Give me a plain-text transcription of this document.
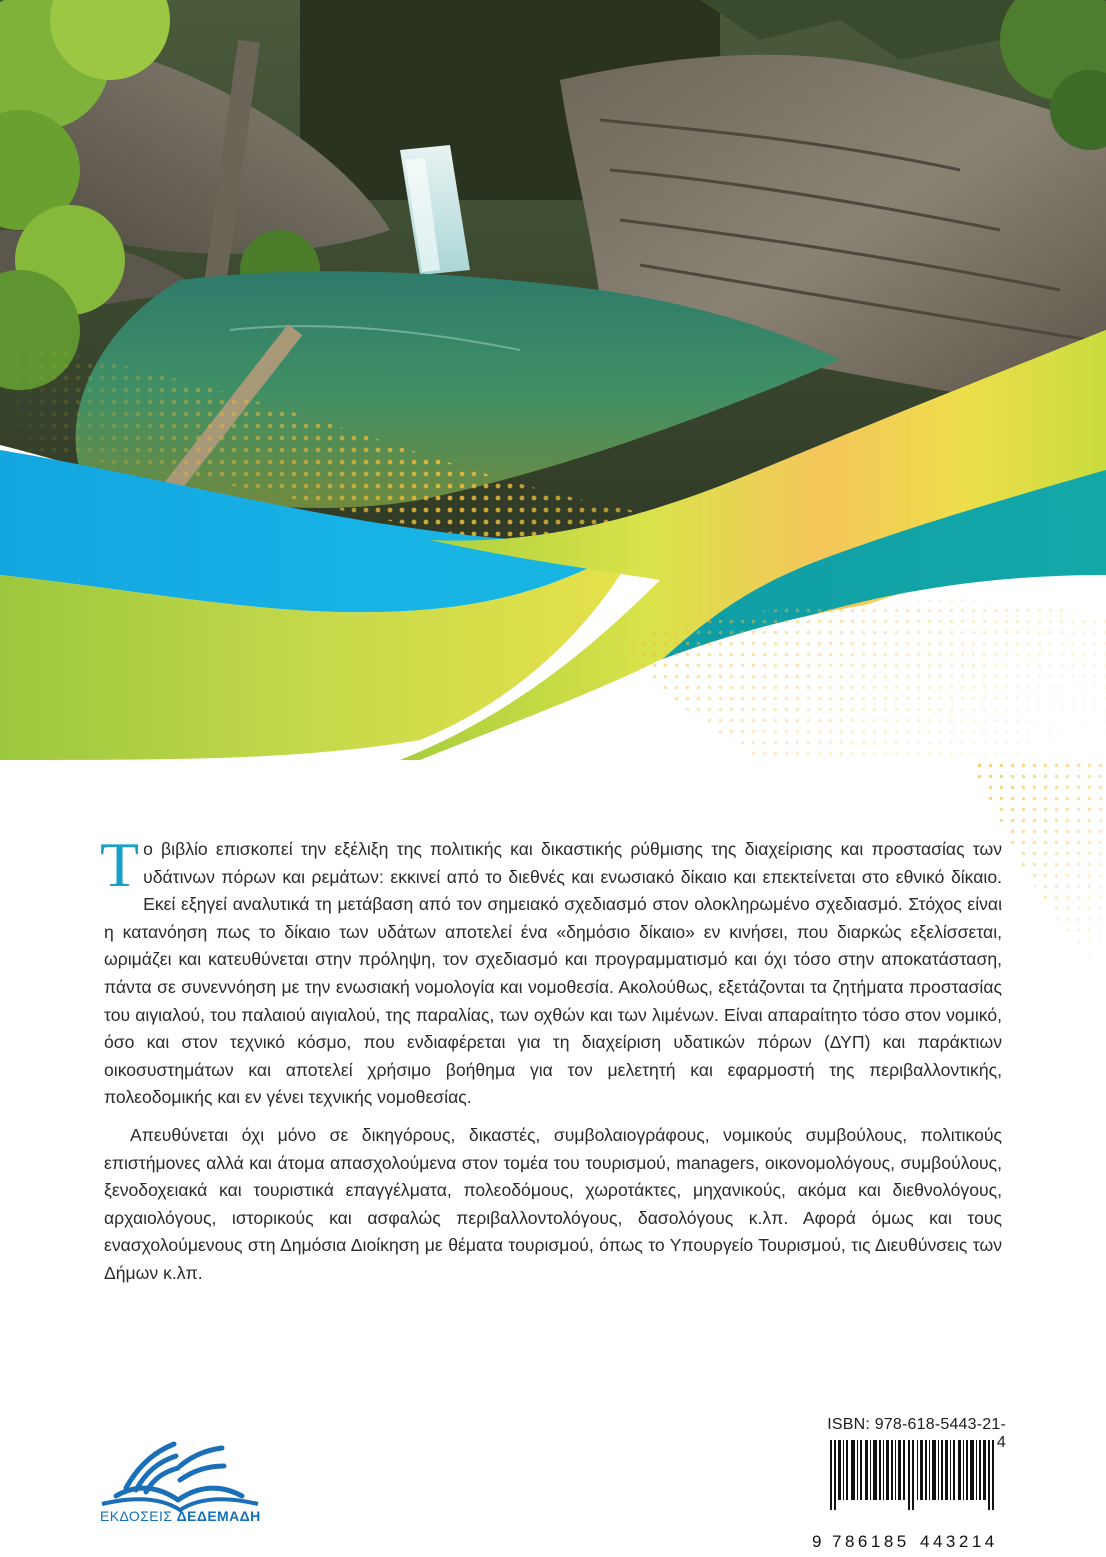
Το βιβλίο επισκοπεί την εξέλιξη της πολιτικής και δικαστικής ρύθμισης της διαχείρισης και προστασίας των υδάτινων πόρων και ρεμάτων: εκκινεί από το διεθνές και ενωσιακό δίκαιο και επεκτείνεται στο εθνικό δίκαιο. Εκεί εξηγεί αναλυτικά τη μετάβαση από τον σημειακό σχεδιασμό στον ολοκληρωμένο σχεδιασμό. Στόχος είναι η κατανόηση πως το δίκαιο των υδάτων αποτελεί ένα «δημόσιο δίκαιο» εν κινήσει, που διαρκώς εξελίσσεται, ωριμάζει και κατευθύνεται στην πρόληψη, τον σχεδιασμό και προγραμματισμό και όχι τόσο στην αποκατάσταση, πάντα σε συνεννόηση με την ενωσιακή νομολογία και νομοθεσία. Ακολούθως, εξετάζονται τα ζητήματα προστασίας του αιγιαλού, του παλαιού αιγιαλού, της παραλίας, των οχθών και των λιμένων. Είναι απαραίτητο τόσο στον νομικό, όσο και στον τεχνικό κόσμο, που ενδιαφέρεται για τη διαχείριση υδατικών πόρων (ΔΥΠ) και παράκτιων οικοσυστημάτων και αποτελεί χρήσιμο βοήθημα για τον μελετητή και εφαρμοστή της περιβαλλοντικής, πολεοδομικής και εν γένει τεχνικής νομοθεσίας.

Απευθύνεται όχι μόνο σε δικηγόρους, δικαστές, συμβολαιογράφους, νομικούς συμβούλους, πολιτικούς επιστήμονες αλλά και άτομα απασχολούμενα στον τομέα του τουρισμού, managers, οικονομολόγους, συμβούλους, ξενοδοχειακά και τουριστικά επαγγέλματα, πολεοδόμους, χωροτάκτες, μηχανικούς, ακόμα και διεθνολόγους, αρχαιολόγους, ιστορικούς και ασφαλώς περιβαλλοντολόγους, δασολόγους κ.λπ. Αφορά όμως και τους ενασχολούμενους στη Δημόσια Διοίκηση με θέματα τουρισμού, όπως το Υπουργείο Τουρισμού, τις Διευθύνσεις των Δήμων κ.λπ.

ISBN: 978-618-5443-21-4
9 786185 443214
ΕΚΔΟΣΕΙΣ ΔΕΔΕΜΑΔΗ
